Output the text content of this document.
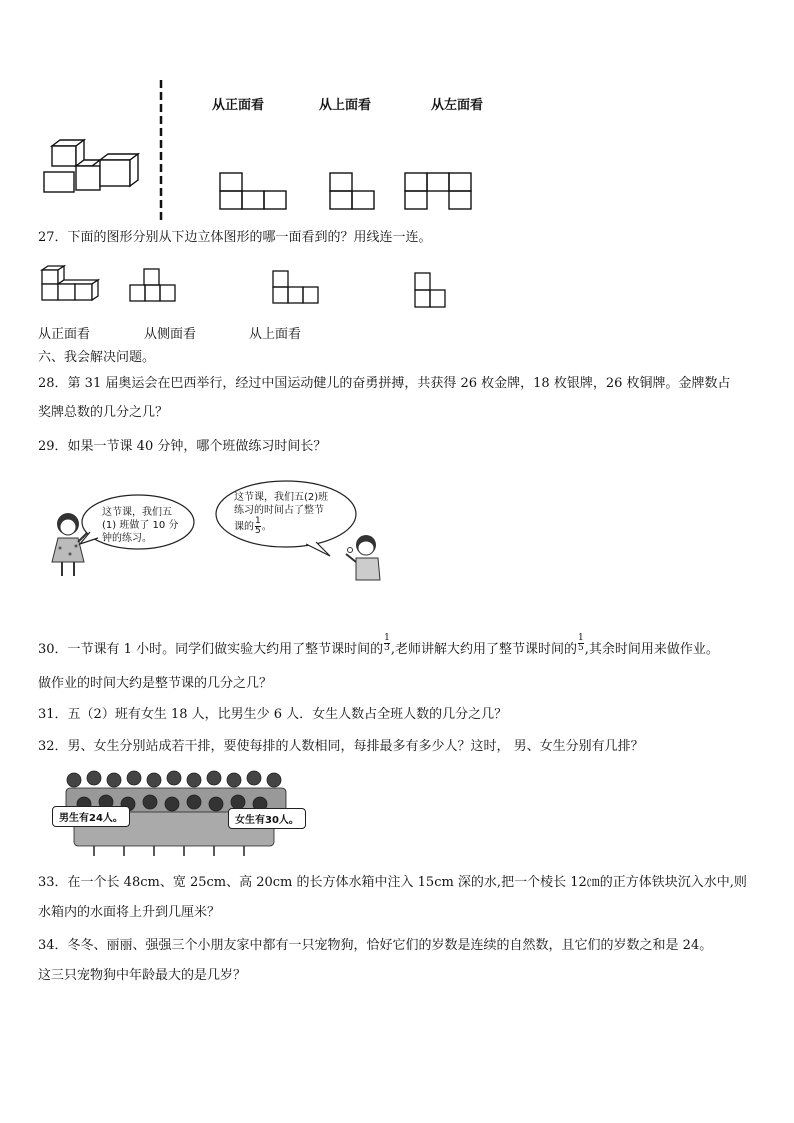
从正面看	从上面看	从左面看
27．下面的图形分别从下边立体图形的哪一面看到的？用线连一连。
从正面看	从侧面看	从上面看
六、我会解决问题。
28．第 31 届奥运会在巴西举行，经过中国运动健儿的奋勇拼搏，共获得 26 枚金牌，18 枚银牌，26 枚铜牌。金牌数占
奖牌总数的几分之几？
29．如果一节课 40 分钟，哪个班做练习时间长？
这节课，我们五
(1) 班做了 10 分
钟的练习。
这节课，我们五(2)班
练习的时间占了整节
课的 $\frac{1}{5}$ 。
30．一节课有 1 小时。同学们做实验大约用了整节课时间的 $\frac{1}{3}$ ,老师讲解大约用了整节课时间的 $\frac{1}{5}$ ,其余时间用来做作业。
做作业的时间大约是整节课的几分之几？
31．五（2）班有女生 18 人，比男生少 6 人．女生人数占全班人数的几分之几？
32．男、女生分别站成若干排，要使每排的人数相同，每排最多有多少人？这时， 男、女生分别有几排？
男生有24人。	女生有30人。
33．在一个长 48cm、宽 25cm、高 20cm 的长方体水箱中注入 15cm 深的水,把一个棱长 12㎝的正方体铁块沉入水中,则
水箱内的水面将上升到几厘米？
34．冬冬、丽丽、强强三个小朋友家中都有一只宠物狗，恰好它们的岁数是连续的自然数，且它们的岁数之和是 24。
这三只宠物狗中年龄最大的是几岁？
